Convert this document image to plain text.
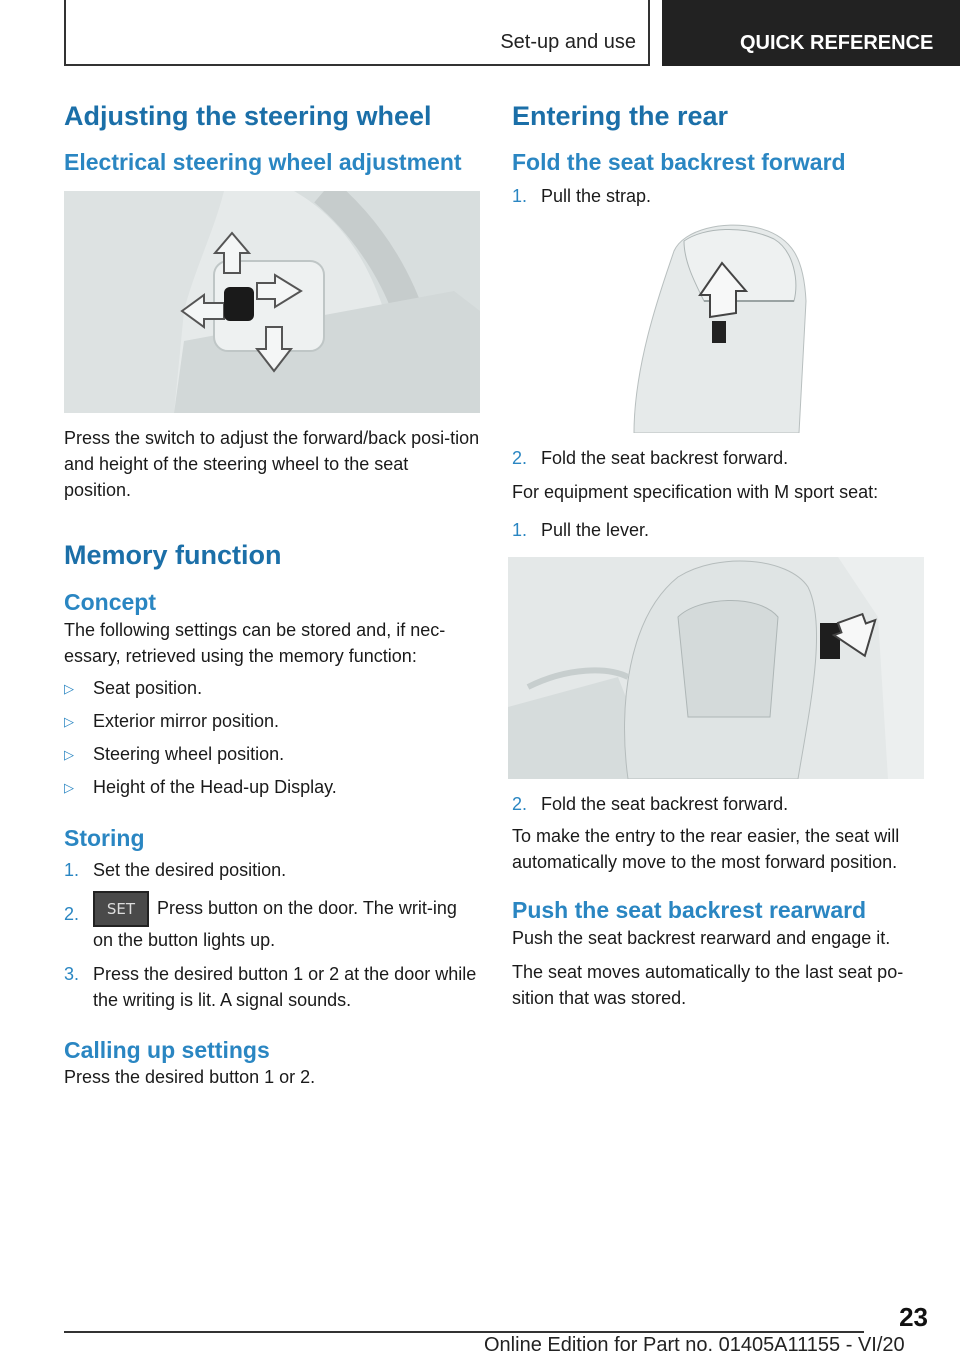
Set-up and use	QUICK REFERENCE
Adjusting the steering wheel
Electrical steering wheel adjustment

Press the switch to adjust the forward/back posi-tion and height of the steering wheel to the seat position.

Memory function
Concept

The following settings can be stored and, if nec-essary, retrieved using the memory function:

▷	Seat position.
▷	Exterior mirror position.
▷	Steering wheel position.
▷	Height of the Head-up Display.
Storing
1. Set the desired position.
2.	SET Press button on the door. The writ-ing on the button lights up.
3. Press the desired button 1 or 2 at the door while the writing is lit. A signal sounds.
Calling up settings

Press the desired button 1 or 2.

Entering the rear
Fold the seat backrest forward
1. Pull the strap.
2. Fold the seat backrest forward.

For equipment specification with M sport seat:

1. Pull the lever.
2. Fold the seat backrest forward.

To make the entry to the rear easier, the seat will automatically move to the most forward position.

Push the seat backrest rearward

Push the seat backrest rearward and engage it.

The seat moves automatically to the last seat po-sition that was stored.

23
Online Edition for Part no. 01405A11155 - VI/20
